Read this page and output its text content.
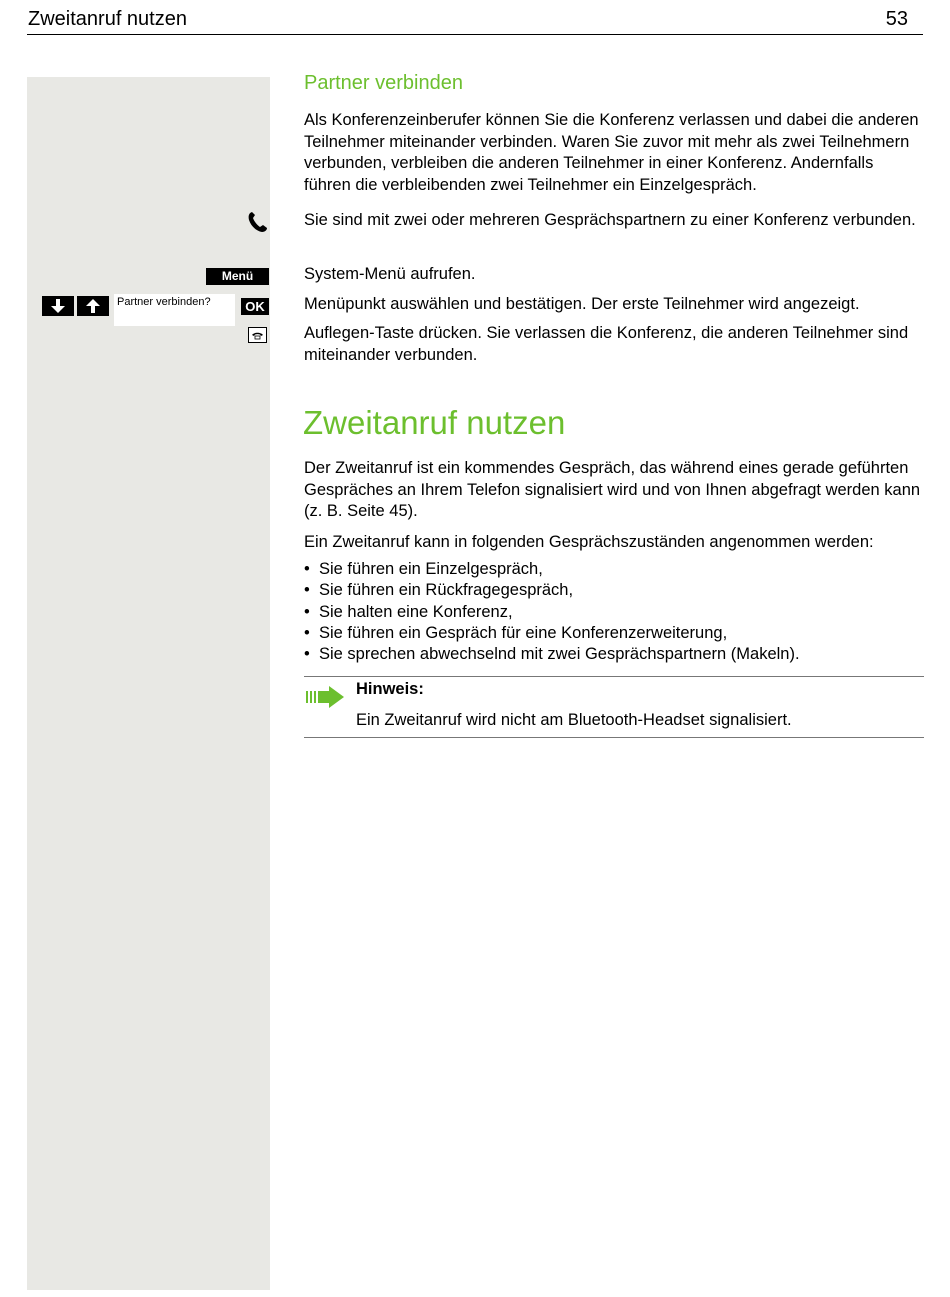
Zweitanruf nutzen	53
Menü
Partner verbinden?	OK
Partner verbinden

Als Konferenzeinberufer können Sie die Konferenz verlassen und dabei die anderen Teilnehmer miteinander verbinden. Waren Sie zuvor mit mehr als zwei Teilnehmern verbunden, verbleiben die anderen Teilnehmer in einer Konferenz. Andernfalls führen die verbleibenden zwei Teilnehmer ein Einzelgespräch.

Sie sind mit zwei oder mehreren Gesprächspartnern zu einer Konferenz verbunden.

System-Menü aufrufen.

Menüpunkt auswählen und bestätigen. Der erste Teilnehmer wird angezeigt.

Auflegen-Taste drücken. Sie verlassen die Konferenz, die anderen Teilnehmer sind miteinander verbunden.

Zweitanruf nutzen

Der Zweitanruf ist ein kommendes Gespräch, das während eines gerade geführten Gespräches an Ihrem Telefon signalisiert wird und von Ihnen abgefragt werden kann (z. B. Seite 45).

Ein Zweitanruf kann in folgenden Gesprächszuständen angenommen werden:

• Sie führen ein Einzelgespräch,
• Sie führen ein Rückfragegespräch,
• Sie halten eine Konferenz,
• Sie führen ein Gespräch für eine Konferenzerweiterung,
• Sie sprechen abwechselnd mit zwei Gesprächspartnern (Makeln).
Hinweis:
Ein Zweitanruf wird nicht am Bluetooth-Headset signalisiert.
